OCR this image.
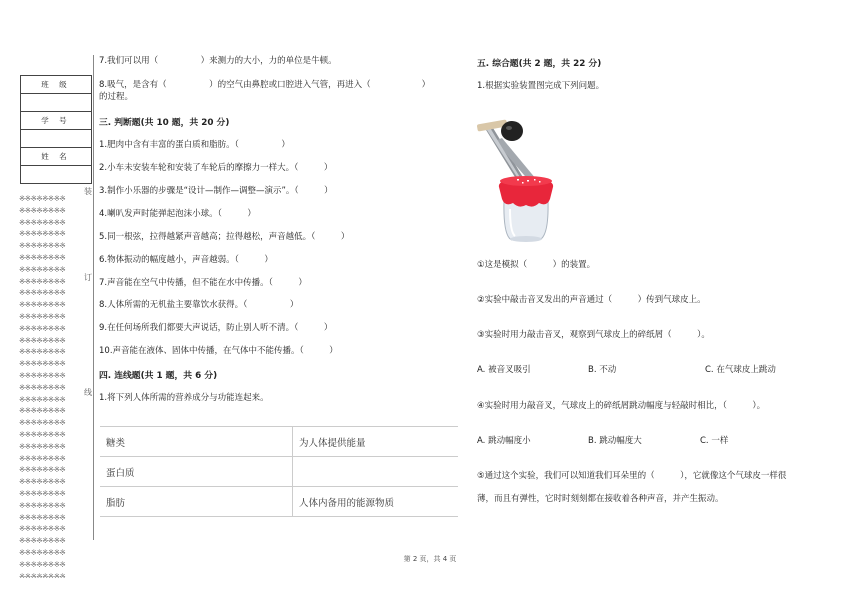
班 级
学 号
姓 名
※※※※※※※※
※※※※※※※※
※※※※※※※※
※※※※※※※※
※※※※※※※※
※※※※※※※※
※※※※※※※※
※※※※※※※※
※※※※※※※※
※※※※※※※※
※※※※※※※※
※※※※※※※※
※※※※※※※※
※※※※※※※※
※※※※※※※※
※※※※※※※※
※※※※※※※※
※※※※※※※※
※※※※※※※※
※※※※※※※※
※※※※※※※※
※※※※※※※※
※※※※※※※※
※※※※※※※※
※※※※※※※※
※※※※※※※※
※※※※※※※※
※※※※※※※※
※※※※※※※※
※※※※※※※※
※※※※※※※※
※※※※※※※※
※※※※※※※※
装
订
线
7.我们可以用（　　　　　）来测力的大小，力的单位是牛顿。
8.吸气，是含有（　　　　　）的空气由鼻腔或口腔进入气管，再进入（　　　　　　）
的过程。
三. 判断题(共 10 题，共 20 分)
1.肥肉中含有丰富的蛋白质和脂肪。（　　　　　）
2.小车未安装车轮和安装了车轮后的摩擦力一样大。（　　　）
3.制作小乐器的步骤是“设计—制作—调整—演示”。（　　　）
4.喇叭发声时能弹起泡沫小球。（　　　）
5.同一根弦，拉得越紧声音越高；拉得越松，声音越低。（　　　）
6.物体振动的幅度越小，声音越弱。（　　　）
7.声音能在空气中传播，但不能在水中传播。（　　　）
8.人体所需的无机盐主要靠饮水获得。（　　　　　）
9.在任何场所我们都要大声说话，防止别人听不清。（　　　）
10.声音能在液体、固体中传播，在气体中不能传播。（　　　）
四. 连线题(共 1 题，共 6 分)
1.将下列人体所需的营养成分与功能连起来。
糖类	为人体提供能量
蛋白质	
脂肪	人体内备用的能源物质
五. 综合题(共 2 题，共 22 分)
1.根据实验装置图完成下列问题。
①这是模拟（　　　）的装置。
②实验中敲击音叉发出的声音通过（　　　）传到气球皮上。
③实验时用力敲击音叉，观察到气球皮上的碎纸屑（　　　）。
A. 被音叉吸引	B. 不动	C. 在气球皮上跳动
④实验时用力敲音叉，气球皮上的碎纸屑跳动幅度与轻敲时相比，（　　　）。
A. 跳动幅度小	B. 跳动幅度大	C. 一样
⑤通过这个实验，我们可以知道我们耳朵里的（　　　），它就像这个气球皮一样很
薄，而且有弹性，它时时刻刻都在接收着各种声音，并产生振动。
第 2 页，共 4 页
